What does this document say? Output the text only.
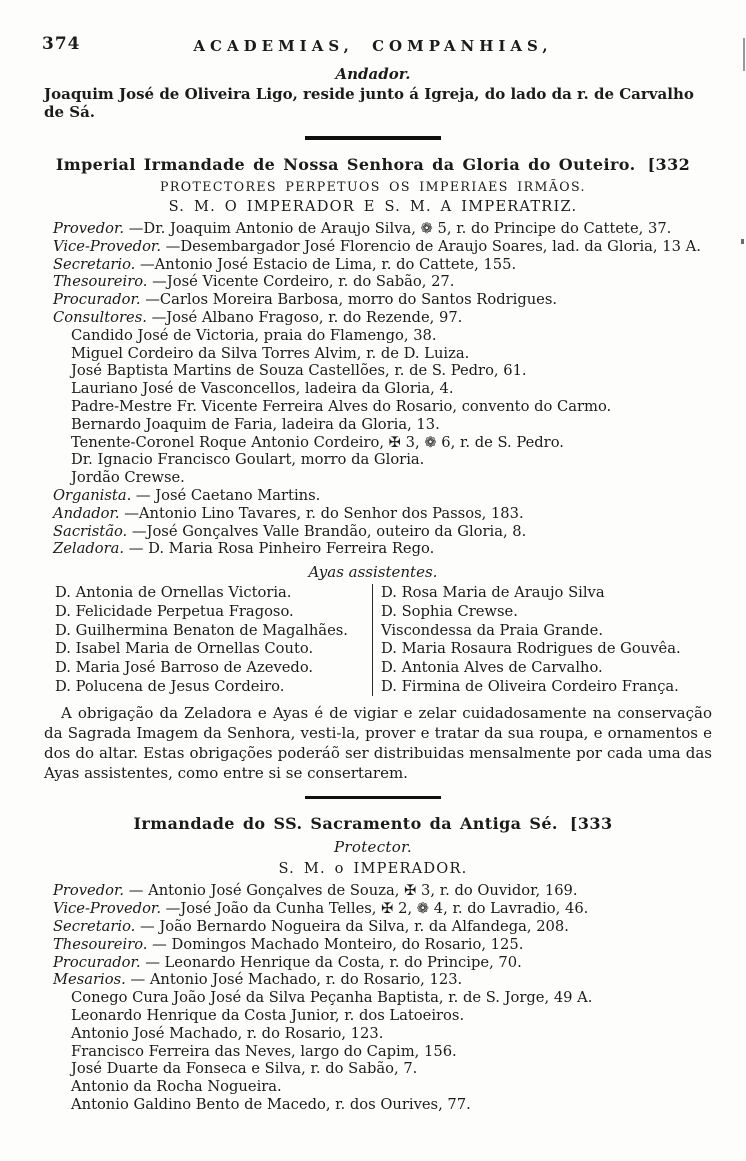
374	ACADEMIAS, COMPANHIAS,
Andador.
Joaquim José de Oliveira Ligo, reside junto á Igreja, do lado da r. de Carvalho de Sá.
Imperial Irmandade de Nossa Senhora da Gloria do Outeiro. [332
PROTECTORES PERPETUOS OS IMPERIAES IRMÃOS.
S. M. O IMPERADOR E S. M. A IMPERATRIZ.
Provedor. —Dr. Joaquim Antonio de Araujo Silva, ❁ 5, r. do Principe do Cattete, 37.
Vice-Provedor. —Desembargador José Florencio de Araujo Soares, lad. da Gloria, 13 A.
Secretario. —Antonio José Estacio de Lima, r. do Cattete, 155.
Thesoureiro. —José Vicente Cordeiro, r. do Sabão, 27.
Procurador. —Carlos Moreira Barbosa, morro do Santos Rodrigues.
Consultores. —José Albano Fragoso, r. do Rezende, 97.
Candido José de Victoria, praia do Flamengo, 38.
Miguel Cordeiro da Silva Torres Alvim, r. de D. Luiza.
José Baptista Martins de Souza Castellões, r. de S. Pedro, 61.
Lauriano José de Vasconcellos, ladeira da Gloria, 4.
Padre-Mestre Fr. Vicente Ferreira Alves do Rosario, convento do Carmo.
Bernardo Joaquim de Faria, ladeira da Gloria, 13.
Tenente-Coronel Roque Antonio Cordeiro, ✠ 3, ❁ 6, r. de S. Pedro.
Dr. Ignacio Francisco Goulart, morro da Gloria.
Jordão Crewse.
Organista. — José Caetano Martins.
Andador. —Antonio Lino Tavares, r. do Senhor dos Passos, 183.
Sacristão. —José Gonçalves Valle Brandão, outeiro da Gloria, 8.
Zeladora. — D. Maria Rosa Pinheiro Ferreira Rego.
Ayas assistentes.
D. Antonia de Ornellas Victoria.
D. Felicidade Perpetua Fragoso.
D. Guilhermina Benaton de Magalhães.
D. Isabel Maria de Ornellas Couto.
D. Maria José Barroso de Azevedo.
D. Polucena de Jesus Cordeiro.
D. Rosa Maria de Araujo Silva
D. Sophia Crewse.
Viscondessa da Praia Grande.
D. Maria Rosaura Rodrigues de Gouvêa.
D. Antonia Alves de Carvalho.
D. Firmina de Oliveira Cordeiro França.
A obrigação da Zeladora e Ayas é de vigiar e zelar cuidadosamente na conservação da Sagrada Imagem da Senhora, vesti-la, prover e tratar da sua roupa, e ornamentos e dos do altar. Estas obrigações poderáõ ser distribuidas mensalmente por cada uma das Ayas assistentes, como entre si se consertarem.
Irmandade do SS. Sacramento da Antiga Sé. [333
Protector.
S. M. o IMPERADOR.
Provedor. — Antonio José Gonçalves de Souza, ✠ 3, r. do Ouvidor, 169.
Vice-Provedor. —José João da Cunha Telles, ✠ 2, ❁ 4, r. do Lavradio, 46.
Secretario. — João Bernardo Nogueira da Silva, r. da Alfandega, 208.
Thesoureiro. — Domingos Machado Monteiro, do Rosario, 125.
Procurador. — Leonardo Henrique da Costa, r. do Principe, 70.
Mesarios. — Antonio José Machado, r. do Rosario, 123.
Conego Cura João José da Silva Peçanha Baptista, r. de S. Jorge, 49 A.
Leonardo Henrique da Costa Junior, r. dos Latoeiros.
Antonio José Machado, r. do Rosario, 123.
Francisco Ferreira das Neves, largo do Capim, 156.
José Duarte da Fonseca e Silva, r. do Sabão, 7.
Antonio da Rocha Nogueira.
Antonio Galdino Bento de Macedo, r. dos Ourives, 77.
